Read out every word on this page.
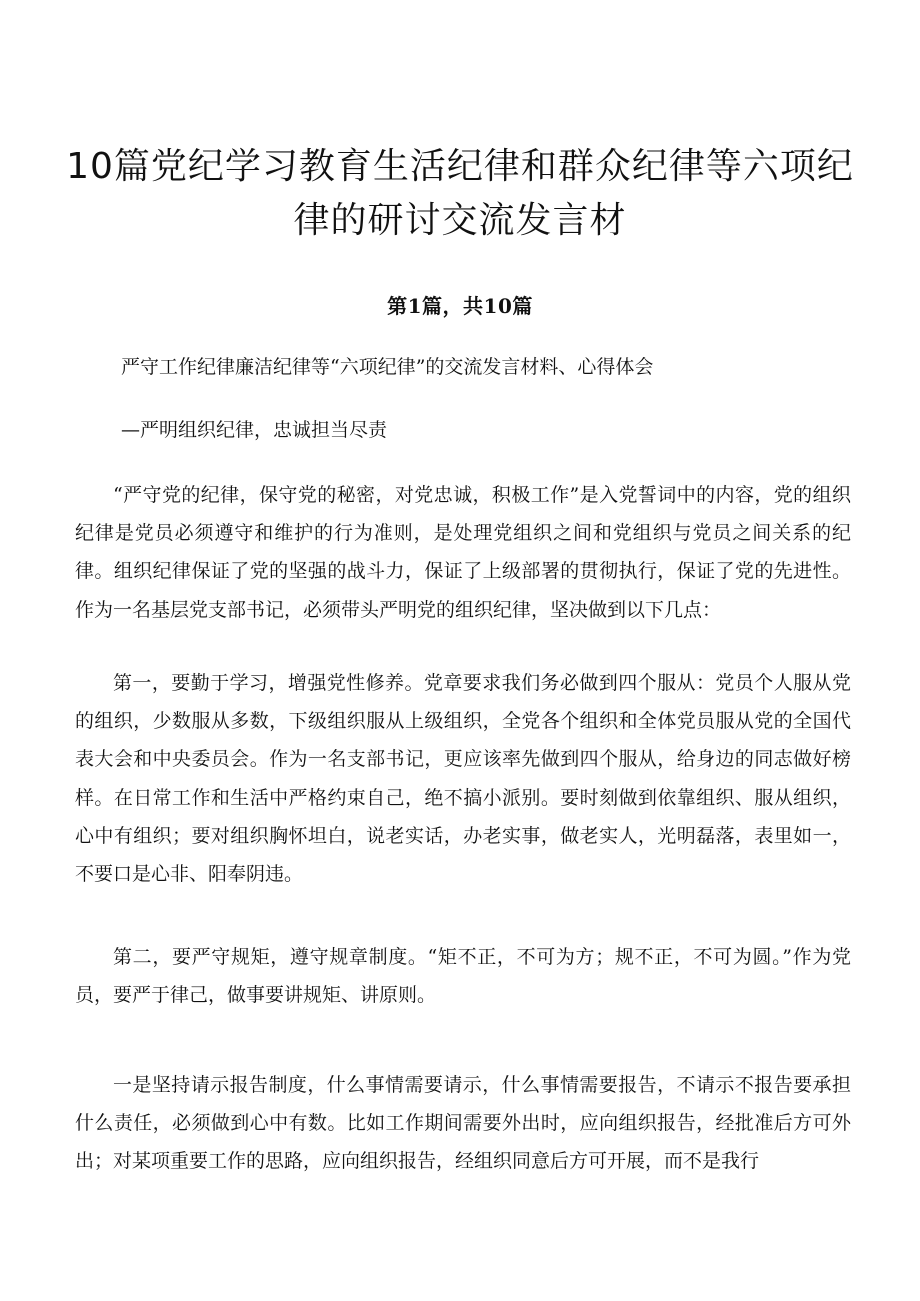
10篇党纪学习教育生活纪律和群众纪律等六项纪律的研讨交流发言材
第1篇，共10篇
严守工作纪律廉洁纪律等“六项纪律”的交流发言材料、心得体会
—严明组织纪律，忠诚担当尽责

“严守党的纪律，保守党的秘密，对党忠诚，积极工作”是入党誓词中的内容，党的组织纪律是党员必须遵守和维护的行为准则，是处理党组织之间和党组织与党员之间关系的纪律。组织纪律保证了党的坚强的战斗力，保证了上级部署的贯彻执行，保证了党的先进性。作为一名基层党支部书记，必须带头严明党的组织纪律，坚决做到以下几点：

第一，要勤于学习，增强党性修养。党章要求我们务必做到四个服从：党员个人服从党的组织，少数服从多数，下级组织服从上级组织，全党各个组织和全体党员服从党的全国代表大会和中央委员会。作为一名支部书记，更应该率先做到四个服从，给身边的同志做好榜样。在日常工作和生活中严格约束自己，绝不搞小派别。要时刻做到依靠组织、服从组织，心中有组织；要对组织胸怀坦白，说老实话，办老实事，做老实人，光明磊落，表里如一，不要口是心非、阳奉阴违。

第二，要严守规矩，遵守规章制度。“矩不正，不可为方；规不正，不可为圆。”作为党员，要严于律己，做事要讲规矩、讲原则。

一是坚持请示报告制度，什么事情需要请示，什么事情需要报告，不请示不报告要承担什么责任，必须做到心中有数。比如工作期间需要外出时，应向组织报告，经批准后方可外出；对某项重要工作的思路，应向组织报告，经组织同意后方可开展，而不是我行
